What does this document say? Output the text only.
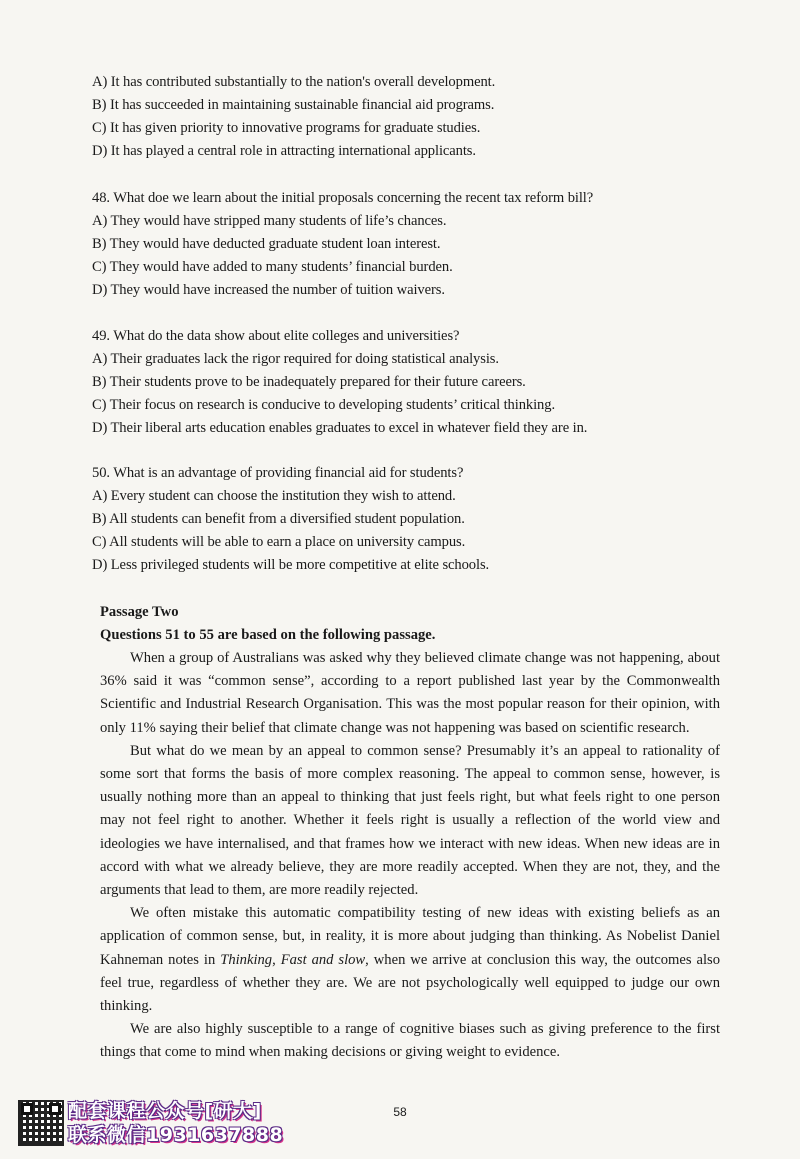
A) It has contributed substantially to the nation's overall development.
B) It has succeeded in maintaining sustainable financial aid programs.
C) It has given priority to innovative programs for graduate studies.
D) It has played a central role in attracting international applicants.
48. What doe we learn about the initial proposals concerning the recent tax reform bill?
A) They would have stripped many students of life’s chances.
B) They would have deducted graduate student loan interest.
C) They would have added to many students’ financial burden.
D) They would have increased the number of tuition waivers.
49. What do the data show about elite colleges and universities?
A) Their graduates lack the rigor required for doing statistical analysis.
B) Their students prove to be inadequately prepared for their future careers.
C) Their focus on research is conducive to developing students’ critical thinking.
D) Their liberal arts education enables graduates to excel in whatever field they are in.
50. What is an advantage of providing financial aid for students?
A) Every student can choose the institution they wish to attend.
B) All students can benefit from a diversified student population.
C) All students will be able to earn a place on university campus.
D) Less privileged students will be more competitive at elite schools.
Passage Two
Questions 51 to 55 are based on the following passage.

When a group of Australians was asked why they believed climate change was not happening, about 36% said it was “common sense”, according to a report published last year by the Commonwealth Scientific and Industrial Research Organisation. This was the most popular reason for their opinion, with only 11% saying their belief that climate change was not happening was based on scientific research.

But what do we mean by an appeal to common sense? Presumably it’s an appeal to rationality of some sort that forms the basis of more complex reasoning. The appeal to common sense, however, is usually nothing more than an appeal to thinking that just feels right, but what feels right to one person may not feel right to another. Whether it feels right is usually a reflection of the world view and ideologies we have internalised, and that frames how we interact with new ideas. When new ideas are in accord with what we already believe, they are more readily accepted. When they are not, they, and the arguments that lead to them, are more readily rejected.

We often mistake this automatic compatibility testing of new ideas with existing beliefs as an application of common sense, but, in reality, it is more about judging than thinking. As Nobelist Daniel Kahneman notes in Thinking, Fast and slow, when we arrive at conclusion this way, the outcomes also feel true, regardless of whether they are. We are not psychologically well equipped to judge our own thinking.

We are also highly susceptible to a range of cognitive biases such as giving preference to the first things that come to mind when making decisions or giving weight to evidence.

配套课程公众号[研大]
联系微信1931637888
58
